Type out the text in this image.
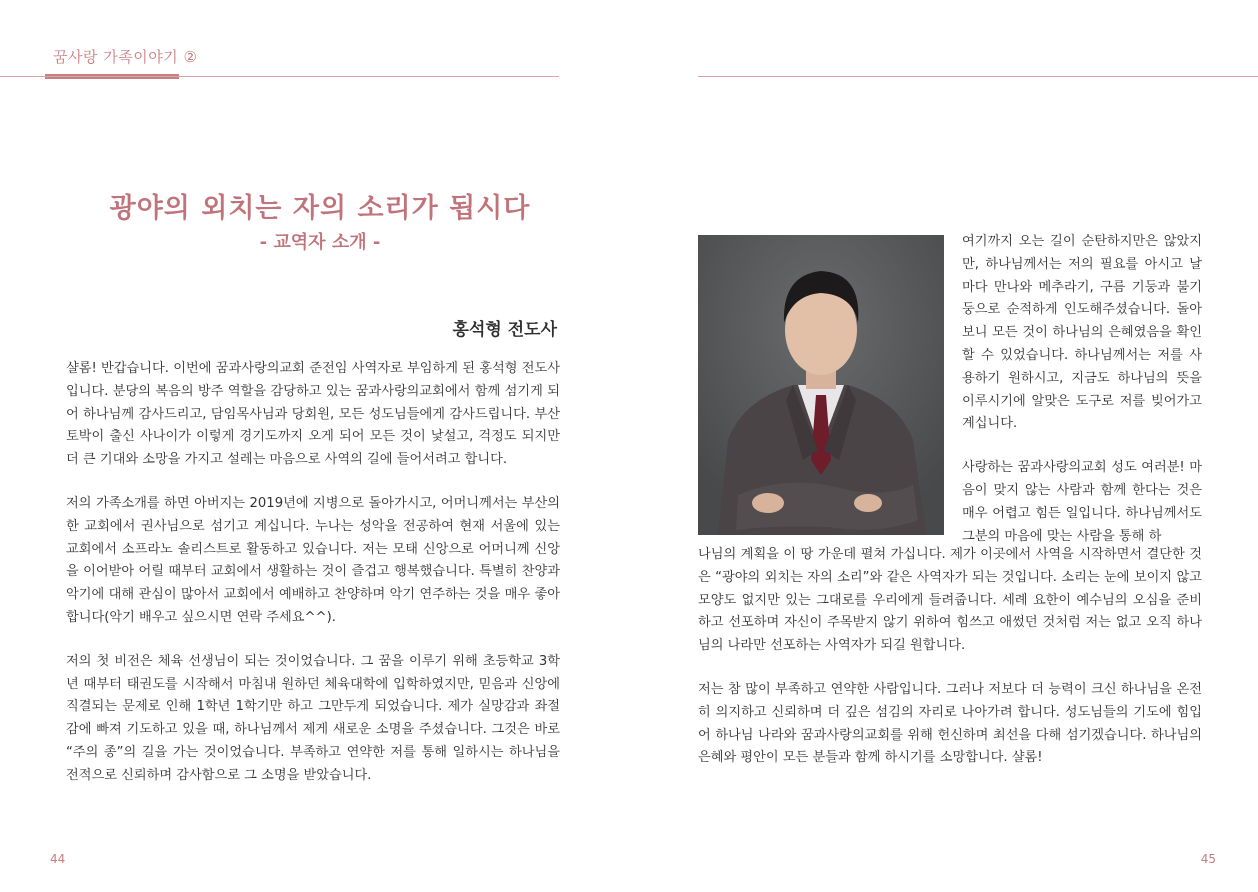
꿈사랑 가족이야기 ②
광야의 외치는 자의 소리가 됩시다
- 교역자 소개 -
홍석형 전도사

샬롬! 반갑습니다. 이번에 꿈과사랑의교회 준전임 사역자로 부임하게 된 홍석형 전도사입니다. 분당의 복음의 방주 역할을 감당하고 있는 꿈과사랑의교회에서 함께 섬기게 되어 하나님께 감사드리고, 담임목사님과 당회원, 모든 성도님들에게 감사드립니다. 부산 토박이 출신 사나이가 이렇게 경기도까지 오게 되어 모든 것이 낯설고, 걱정도 되지만 더 큰 기대와 소망을 가지고 설레는 마음으로 사역의 길에 들어서려고 합니다.

저의 가족소개를 하면 아버지는 2019년에 지병으로 돌아가시고, 어머니께서는 부산의 한 교회에서 권사님으로 섬기고 계십니다. 누나는 성악을 전공하여 현재 서울에 있는 교회에서 소프라노 솔리스트로 활동하고 있습니다. 저는 모태 신앙으로 어머니께 신앙을 이어받아 어릴 때부터 교회에서 생활하는 것이 즐겁고 행복했습니다. 특별히 찬양과 악기에 대해 관심이 많아서 교회에서 예배하고 찬양하며 악기 연주하는 것을 매우 좋아합니다(악기 배우고 싶으시면 연락 주세요^^).

저의 첫 비전은 체육 선생님이 되는 것이었습니다. 그 꿈을 이루기 위해 초등학교 3학년 때부터 태권도를 시작해서 마침내 원하던 체육대학에 입학하였지만, 믿음과 신앙에 직결되는 문제로 인해 1학년 1학기만 하고 그만두게 되었습니다. 제가 실망감과 좌절감에 빠져 기도하고 있을 때, 하나님께서 제게 새로운 소명을 주셨습니다. 그것은 바로 “주의 종”의 길을 가는 것이었습니다. 부족하고 연약한 저를 통해 일하시는 하나님을 전적으로 신뢰하며 감사함으로 그 소명을 받았습니다.

44

여기까지 오는 길이 순탄하지만은 않았지만, 하나님께서는 저의 필요를 아시고 날마다 만나와 메추라기, 구름 기둥과 불기둥으로 순적하게 인도해주셨습니다. 돌아보니 모든 것이 하나님의 은혜였음을 확인할 수 있었습니다. 하나님께서는 저를 사용하기 원하시고, 지금도 하나님의 뜻을 이루시기에 알맞은 도구로 저를 빚어가고 계십니다.

사랑하는 꿈과사랑의교회 성도 여러분! 마음이 맞지 않는 사람과 함께 한다는 것은 매우 어렵고 힘든 일입니다. 하나님께서도 그분의 마음에 맞는 사람을 통해 하

나님의 계획을 이 땅 가운데 펼쳐 가십니다. 제가 이곳에서 사역을 시작하면서 결단한 것은 “광야의 외치는 자의 소리”와 같은 사역자가 되는 것입니다. 소리는 눈에 보이지 않고 모양도 없지만 있는 그대로를 우리에게 들려줍니다. 세례 요한이 예수님의 오심을 준비하고 선포하며 자신이 주목받지 않기 위하여 힘쓰고 애썼던 것처럼 저는 없고 오직 하나님의 나라만 선포하는 사역자가 되길 원합니다.

저는 참 많이 부족하고 연약한 사람입니다. 그러나 저보다 더 능력이 크신 하나님을 온전히 의지하고 신뢰하며 더 깊은 섬김의 자리로 나아가려 합니다. 성도님들의 기도에 힘입어 하나님 나라와 꿈과사랑의교회를 위해 헌신하며 최선을 다해 섬기겠습니다. 하나님의 은혜와 평안이 모든 분들과 함께 하시기를 소망합니다. 샬롬!

45
